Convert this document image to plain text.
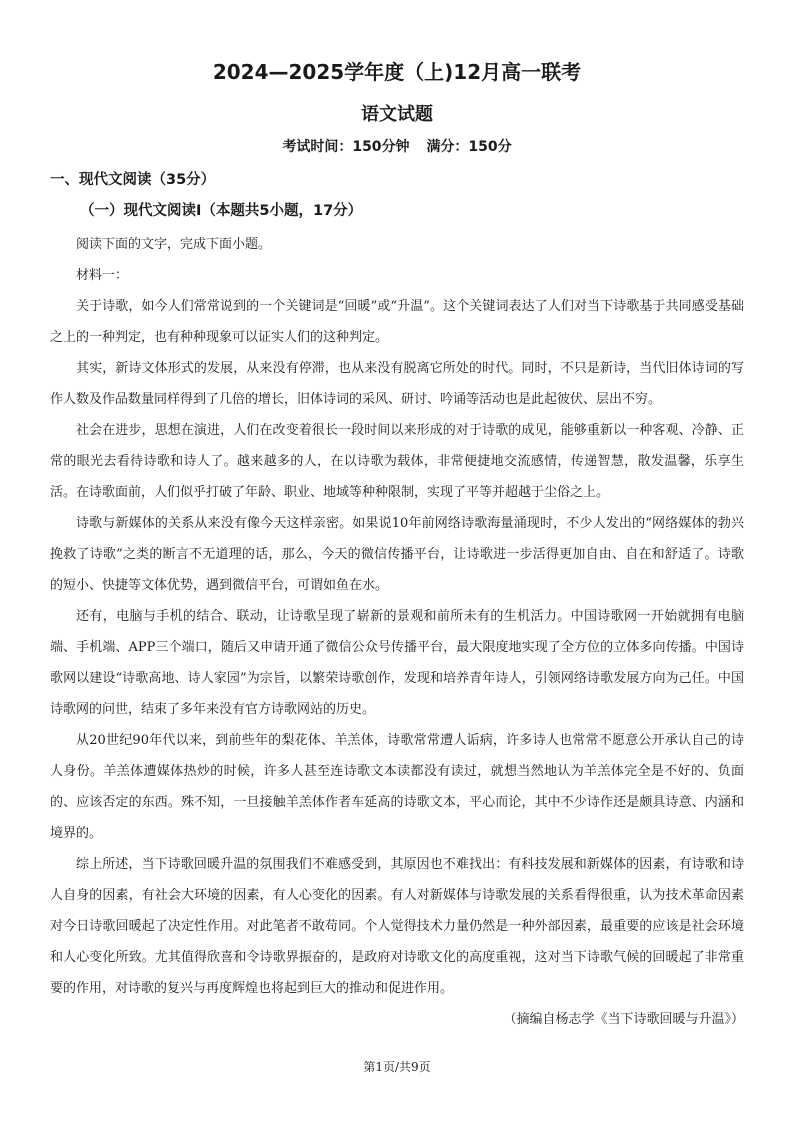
2024—2025学年度（上)12月高一联考
语文试题
考试时间：150分钟 满分：150分
一、现代文阅读（35分）
（一）现代文阅读Ⅰ（本题共5小题，17分）

阅读下面的文字，完成下面小题。

材料一：

关于诗歌，如今人们常常说到的一个关键词是“回暖”或“升温”。这个关键词表达了人们对当下诗歌基于共同感受基础之上的一种判定，也有种种现象可以证实人们的这种判定。

其实，新诗文体形式的发展，从来没有停滞，也从来没有脱离它所处的时代。同时，不只是新诗，当代旧体诗词的写作人数及作品数量同样得到了几倍的增长，旧体诗词的采风、研讨、吟诵等活动也是此起彼伏、层出不穷。

社会在进步，思想在演进，人们在改变着很长一段时间以来形成的对于诗歌的成见，能够重新以一种客观、冷静、正常的眼光去看待诗歌和诗人了。越来越多的人，在以诗歌为载体，非常便捷地交流感情，传递智慧，散发温馨，乐享生活。在诗歌面前，人们似乎打破了年龄、职业、地域等种种限制，实现了平等并超越于尘俗之上。

诗歌与新媒体的关系从来没有像今天这样亲密。如果说10年前网络诗歌海量涌现时，不少人发出的“网络媒体的勃兴挽救了诗歌”之类的断言不无道理的话，那么，今天的微信传播平台，让诗歌进一步活得更加自由、自在和舒适了。诗歌的短小、快捷等文体优势，遇到微信平台，可谓如鱼在水。

还有，电脑与手机的结合、联动，让诗歌呈现了崭新的景观和前所未有的生机活力。中国诗歌网一开始就拥有电脑端、手机端、APP三个端口，随后又申请开通了微信公众号传播平台，最大限度地实现了全方位的立体多向传播。中国诗歌网以建设“诗歌高地、诗人家园”为宗旨，以繁荣诗歌创作，发现和培养青年诗人，引领网络诗歌发展方向为己任。中国诗歌网的问世，结束了多年来没有官方诗歌网站的历史。

从20世纪90年代以来，到前些年的梨花体、羊羔体，诗歌常常遭人诟病，许多诗人也常常不愿意公开承认自己的诗人身份。羊羔体遭媒体热炒的时候，许多人甚至连诗歌文本读都没有读过，就想当然地认为羊羔体完全是不好的、负面的、应该否定的东西。殊不知，一旦接触羊羔体作者车延高的诗歌文本，平心而论，其中不少诗作还是颇具诗意、内涵和境界的。

综上所述，当下诗歌回暖升温的氛围我们不难感受到，其原因也不难找出：有科技发展和新媒体的因素，有诗歌和诗人自身的因素，有社会大环境的因素，有人心变化的因素。有人对新媒体与诗歌发展的关系看得很重，认为技术革命因素对今日诗歌回暖起了决定性作用。对此笔者不敢苟同。个人觉得技术力量仍然是一种外部因素，最重要的应该是社会环境和人心变化所致。尤其值得欣喜和令诗歌界振奋的，是政府对诗歌文化的高度重视，这对当下诗歌气候的回暖起了非常重要的作用，对诗歌的复兴与再度辉煌也将起到巨大的推动和促进作用。

（摘编自杨志学《当下诗歌回暖与升温》）

第1页/共9页
